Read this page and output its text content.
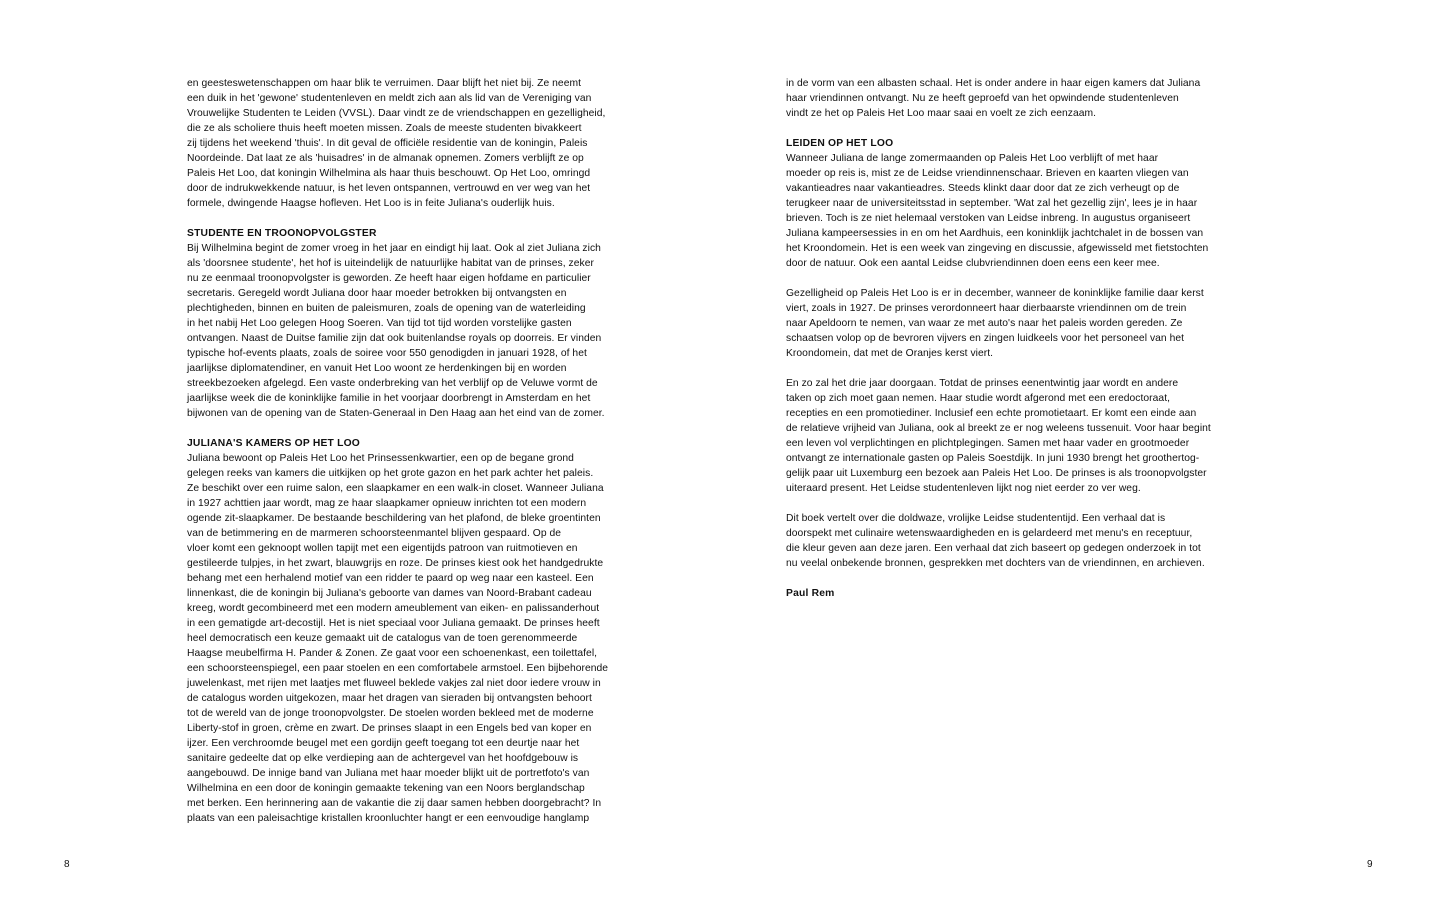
en geesteswetenschappen om haar blik te verruimen. Daar blijft het niet bij. Ze neemt

een duik in het 'gewone' studentenleven en meldt zich aan als lid van de Vereniging van

Vrouwelijke Studenten te Leiden (VVSL). Daar vindt ze de vriendschappen en gezelligheid,

die ze als scholiere thuis heeft moeten missen. Zoals de meeste studenten bivakkeert

zij tijdens het weekend 'thuis'. In dit geval de officiële residentie van de koningin, Paleis

Noordeinde. Dat laat ze als 'huisadres' in de almanak opnemen. Zomers verblijft ze op

Paleis Het Loo, dat koningin Wilhelmina als haar thuis beschouwt. Op Het Loo, omringd

door de indrukwekkende natuur, is het leven ontspannen, vertrouwd en ver weg van het

formele, dwingende Haagse hofleven. Het Loo is in feite Juliana's ouderlijk huis.

STUDENTE EN TROONOPVOLGSTER

Bij Wilhelmina begint de zomer vroeg in het jaar en eindigt hij laat. Ook al ziet Juliana zich

als 'doorsnee studente', het hof is uiteindelijk de natuurlijke habitat van de prinses, zeker

nu ze eenmaal troonopvolgster is geworden. Ze heeft haar eigen hofdame en particulier

secretaris. Geregeld wordt Juliana door haar moeder betrokken bij ontvangsten en

plechtigheden, binnen en buiten de paleismuren, zoals de opening van de waterleiding

in het nabij Het Loo gelegen Hoog Soeren. Van tijd tot tijd worden vorstelijke gasten

ontvangen. Naast de Duitse familie zijn dat ook buitenlandse royals op doorreis. Er vinden

typische hof-events plaats, zoals de soiree voor 550 genodigden in januari 1928, of het

jaarlijkse diplomatendiner, en vanuit Het Loo woont ze herdenkingen bij en worden

streekbezoeken afgelegd. Een vaste onderbreking van het verblijf op de Veluwe vormt de

jaarlijkse week die de koninklijke familie in het voorjaar doorbrengt in Amsterdam en het

bijwonen van de opening van de Staten-Generaal in Den Haag aan het eind van de zomer.

JULIANA'S KAMERS OP HET LOO

Juliana bewoont op Paleis Het Loo het Prinsessenkwartier, een op de begane grond

gelegen reeks van kamers die uitkijken op het grote gazon en het park achter het paleis.

Ze beschikt over een ruime salon, een slaapkamer en een walk-in closet. Wanneer Juliana

in 1927 achttien jaar wordt, mag ze haar slaapkamer opnieuw inrichten tot een modern

ogende zit-slaapkamer. De bestaande beschildering van het plafond, de bleke groentinten

van de betimmering en de marmeren schoorsteenmantel blijven gespaard. Op de

vloer komt een geknoopt wollen tapijt met een eigentijds patroon van ruitmotieven en

gestileerde tulpjes, in het zwart, blauwgrijs en roze. De prinses kiest ook het handgedrukte

behang met een herhalend motief van een ridder te paard op weg naar een kasteel. Een

linnenkast, die de koningin bij Juliana's geboorte van dames van Noord-Brabant cadeau

kreeg, wordt gecombineerd met een modern ameublement van eiken- en palissanderhout

in een gematigde art-decostijl. Het is niet speciaal voor Juliana gemaakt. De prinses heeft

heel democratisch een keuze gemaakt uit de catalogus van de toen gerenommeerde

Haagse meubelfirma H. Pander & Zonen. Ze gaat voor een schoenenkast, een toilettafel,

een schoorsteenspiegel, een paar stoelen en een comfortabele armstoel. Een bijbehorende

juwelenkast, met rijen met laatjes met fluweel beklede vakjes zal niet door iedere vrouw in

de catalogus worden uitgekozen, maar het dragen van sieraden bij ontvangsten behoort

tot de wereld van de jonge troonopvolgster. De stoelen worden bekleed met de moderne

Liberty-stof in groen, crème en zwart. De prinses slaapt in een Engels bed van koper en

ijzer. Een verchroomde beugel met een gordijn geeft toegang tot een deurtje naar het

sanitaire gedeelte dat op elke verdieping aan de achtergevel van het hoofdgebouw is

aangebouwd. De innige band van Juliana met haar moeder blijkt uit de portretfoto's van

Wilhelmina en een door de koningin gemaakte tekening van een Noors berglandschap

met berken. Een herinnering aan de vakantie die zij daar samen hebben doorgebracht? In

plaats van een paleisachtige kristallen kroonluchter hangt er een eenvoudige hanglamp

in de vorm van een albasten schaal. Het is onder andere in haar eigen kamers dat Juliana

haar vriendinnen ontvangt. Nu ze heeft geproefd van het opwindende studentenleven

vindt ze het op Paleis Het Loo maar saai en voelt ze zich eenzaam.

LEIDEN OP HET LOO

Wanneer Juliana de lange zomermaanden op Paleis Het Loo verblijft of met haar

moeder op reis is, mist ze de Leidse vriendinnenschaar. Brieven en kaarten vliegen van

vakantieadres naar vakantieadres. Steeds klinkt daar door dat ze zich verheugt op de

terugkeer naar de universiteitsstad in september. 'Wat zal het gezellig zijn', lees je in haar

brieven. Toch is ze niet helemaal verstoken van Leidse inbreng. In augustus organiseert

Juliana kampeersessies in en om het Aardhuis, een koninklijk jachtchalet in de bossen van

het Kroondomein. Het is een week van zingeving en discussie, afgewisseld met fietstochten

door de natuur. Ook een aantal Leidse clubvriendinnen doen eens een keer mee.

Gezelligheid op Paleis Het Loo is er in december, wanneer de koninklijke familie daar kerst

viert, zoals in 1927. De prinses verordonneert haar dierbaarste vriendinnen om de trein

naar Apeldoorn te nemen, van waar ze met auto's naar het paleis worden gereden. Ze

schaatsen volop op de bevroren vijvers en zingen luidkeels voor het personeel van het

Kroondomein, dat met de Oranjes kerst viert.

En zo zal het drie jaar doorgaan. Totdat de prinses eenentwintig jaar wordt en andere

taken op zich moet gaan nemen. Haar studie wordt afgerond met een eredoctoraat,

recepties en een promotiediner. Inclusief een echte promotietaart. Er komt een einde aan

de relatieve vrijheid van Juliana, ook al breekt ze er nog weleens tussenuit. Voor haar begint

een leven vol verplichtingen en plichtplegingen. Samen met haar vader en grootmoeder

ontvangt ze internationale gasten op Paleis Soestdijk. In juni 1930 brengt het groothertog-

gelijk paar uit Luxemburg een bezoek aan Paleis Het Loo. De prinses is als troonopvolgster

uiteraard present. Het Leidse studentenleven lijkt nog niet eerder zo ver weg.

Dit boek vertelt over die doldwaze, vrolijke Leidse studententijd. Een verhaal dat is

doorspekt met culinaire wetenswaardigheden en is gelardeerd met menu's en receptuur,

die kleur geven aan deze jaren. Een verhaal dat zich baseert op gedegen onderzoek in tot

nu veelal onbekende bronnen, gesprekken met dochters van de vriendinnen, en archieven.

Paul Rem

8	9
